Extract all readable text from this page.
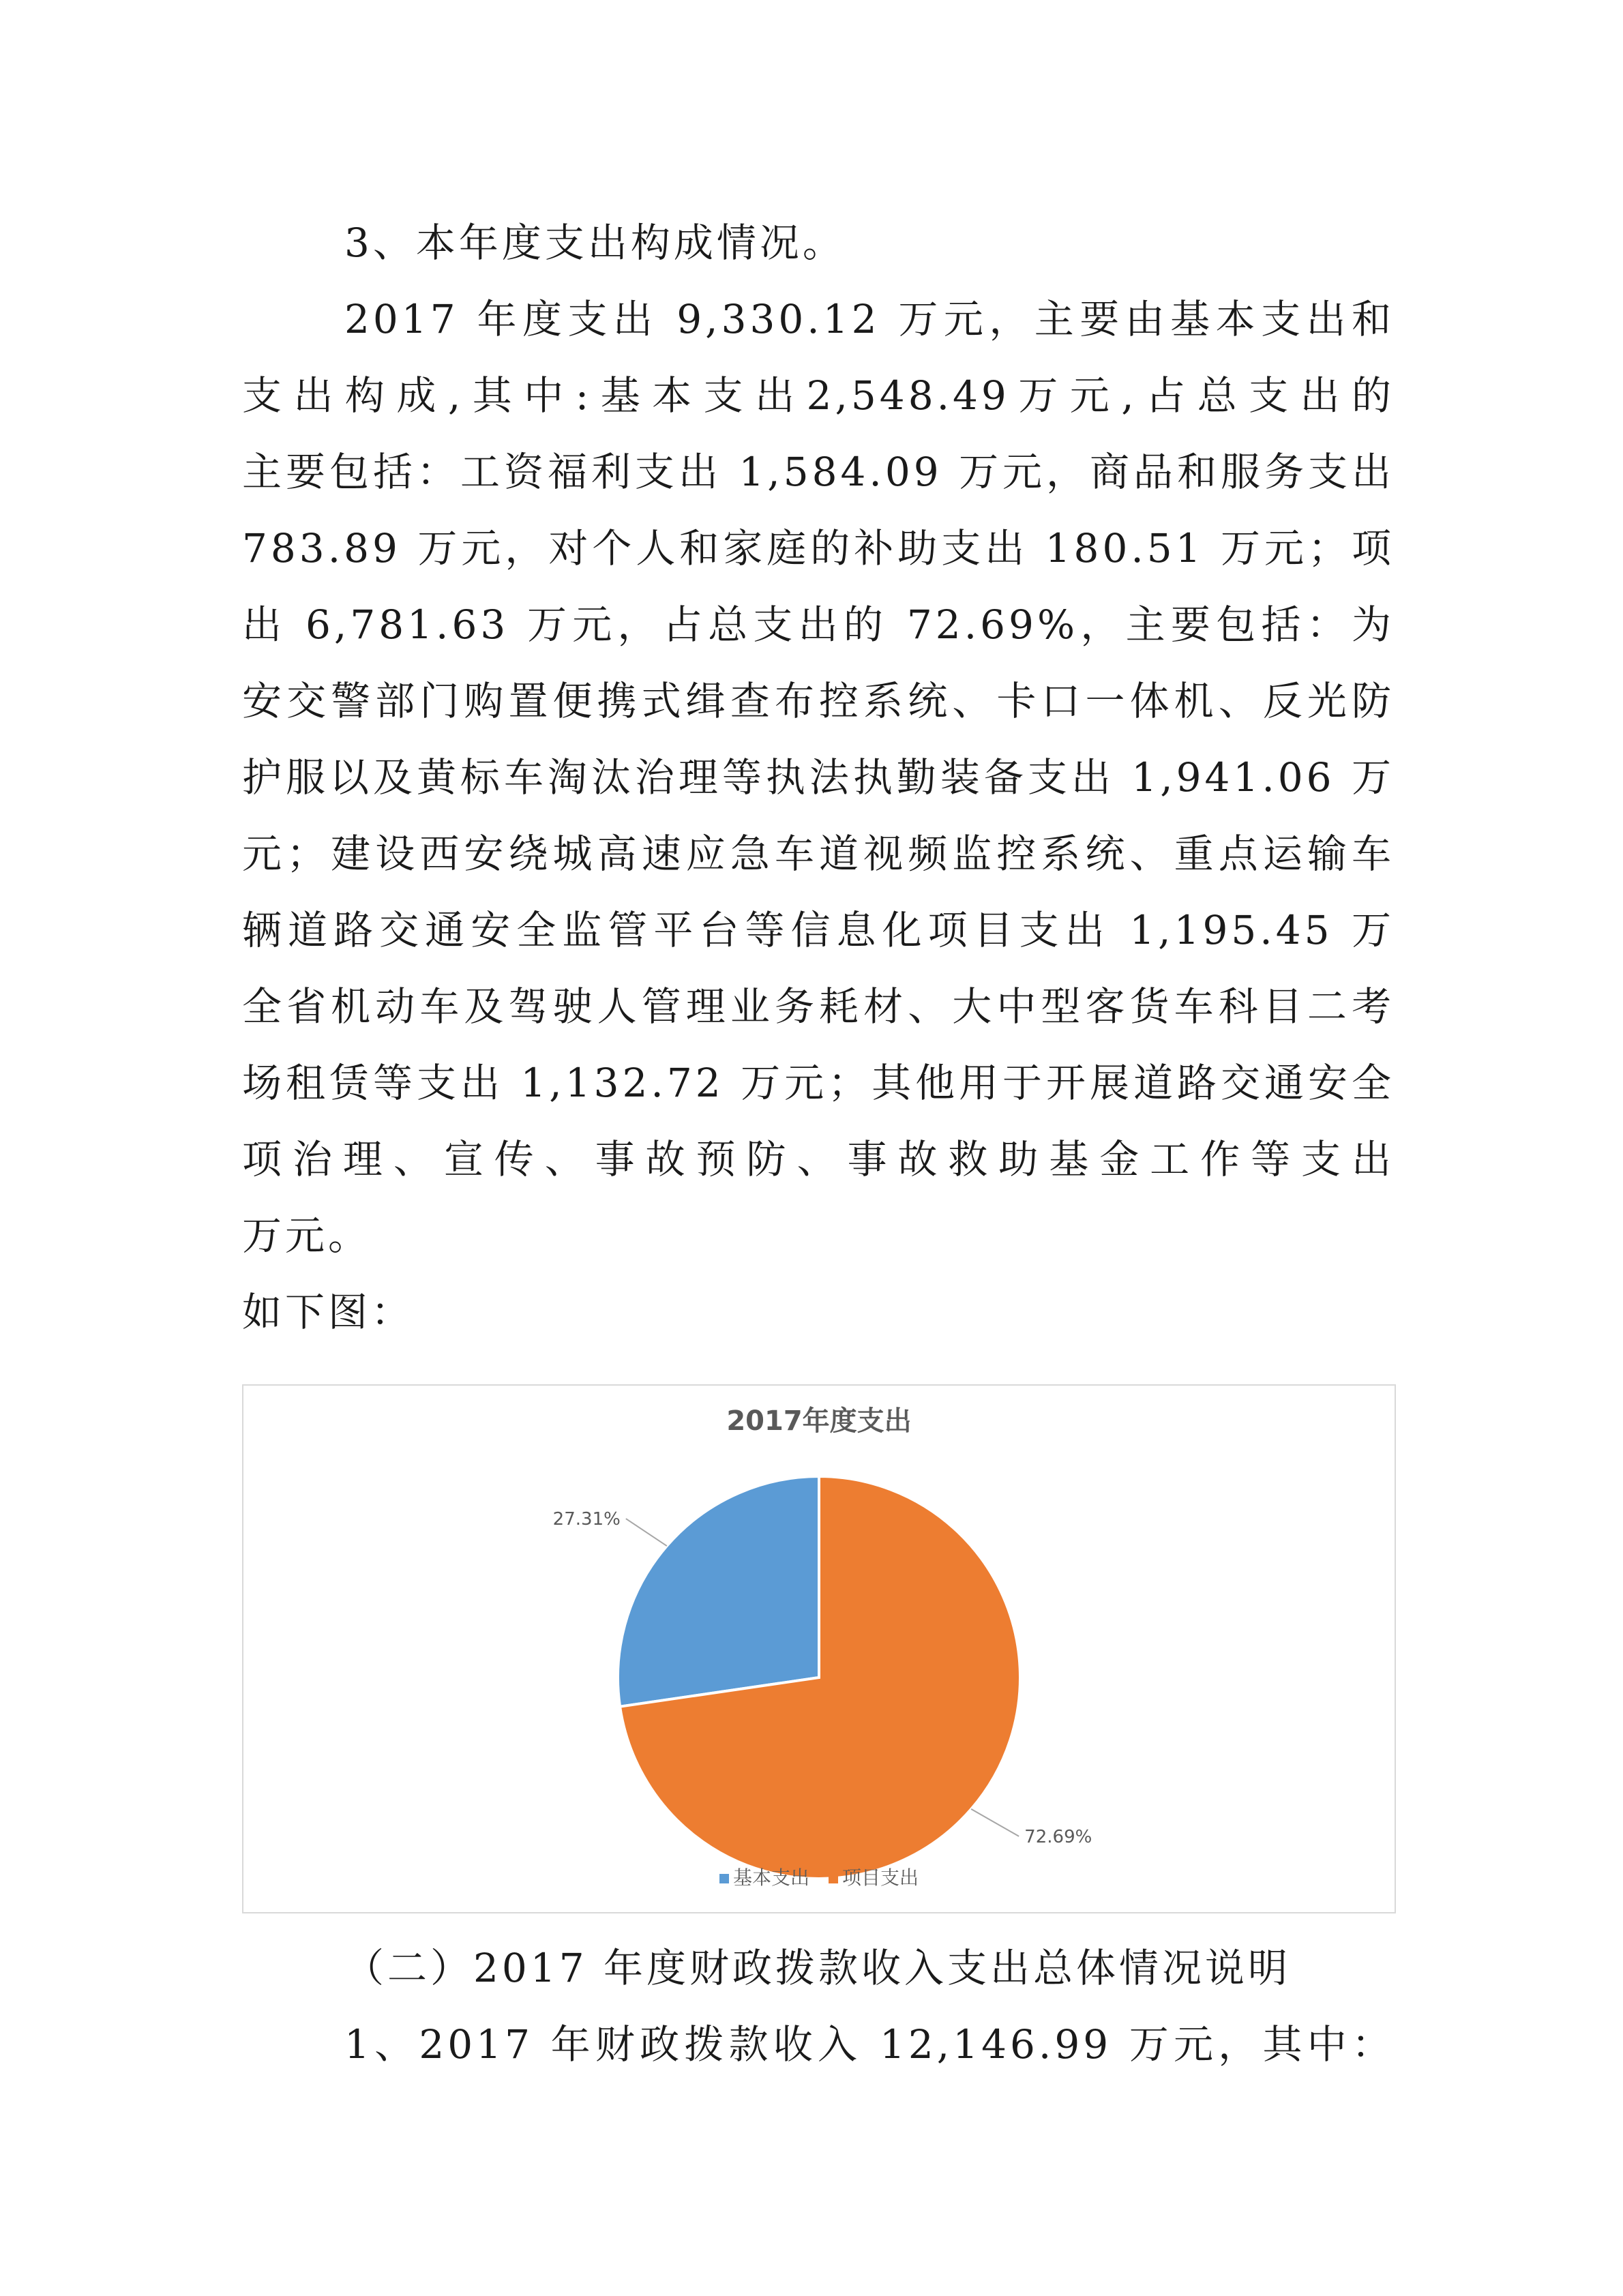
3、本年度支出构成情况。
2017 年度支出 9,330.12 万元，主要由基本支出和
支出构成,其中:基本支出2,548.49万元,占总支出的
主要包括：工资福利支出 1,584.09 万元，商品和服务支出
783.89 万元，对个人和家庭的补助支出 180.51 万元；项
出 6,781.63 万元，占总支出的 72.69%，主要包括：为
安交警部门购置便携式缉查布控系统、卡口一体机、反光防
护服以及黄标车淘汰治理等执法执勤装备支出 1,941.06 万
元；建设西安绕城高速应急车道视频监控系统、重点运输车
辆道路交通安全监管平台等信息化项目支出 1,195.45 万
全省机动车及驾驶人管理业务耗材、大中型客货车科目二考
场租赁等支出 1,132.72 万元；其他用于开展道路交通安全
项治理、宣传、事故预防、事故救助基金工作等支出
万元。
如下图：
2017年度支出
27.31%
72.69%
基本支出 项目支出
（二）2017 年度财政拨款收入支出总体情况说明
1、2017 年财政拨款收入 12,146.99 万元，其中：
